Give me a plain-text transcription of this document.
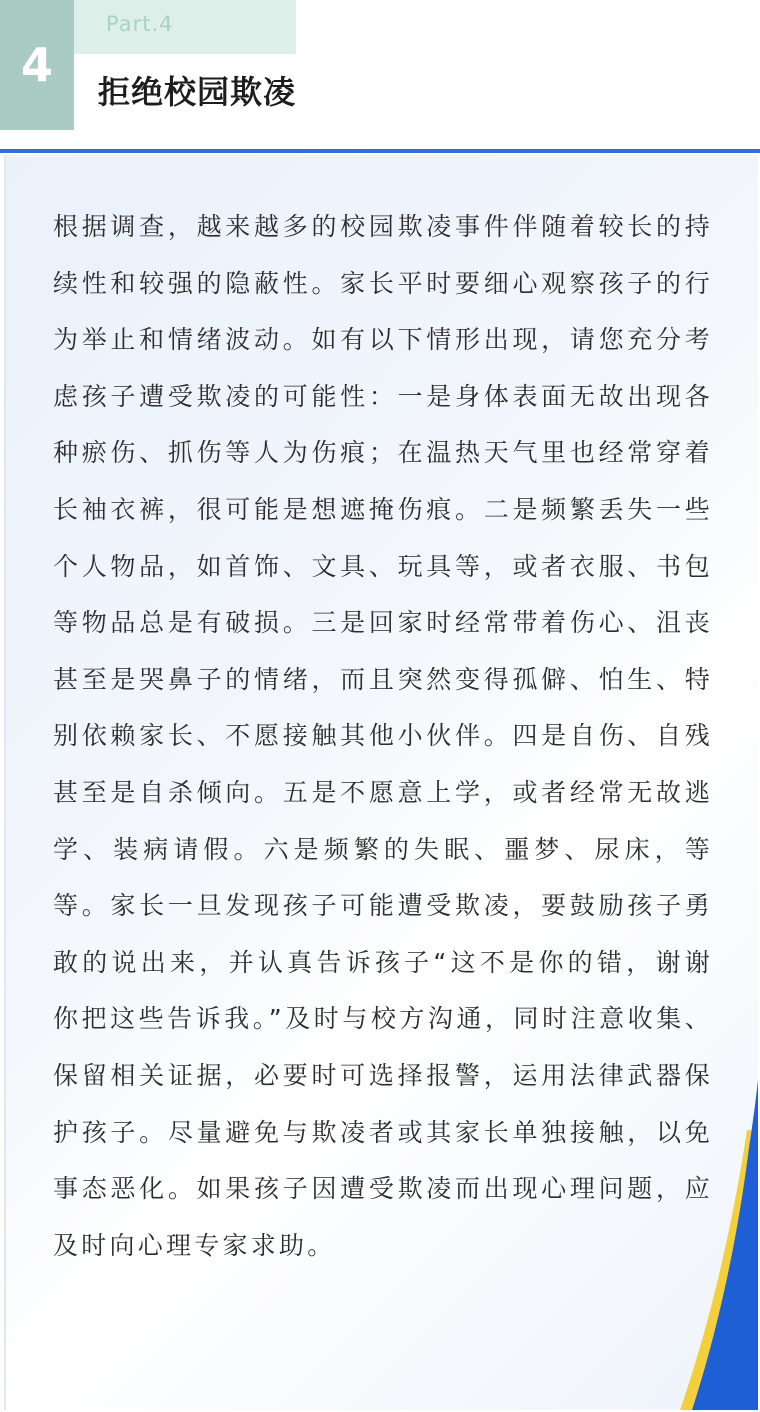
Part.4
4 拒绝校园欺凌

根据调查，越来越多的校园欺凌事件伴随着较长的持续性和较强的隐蔽性。家长平时要细心观察孩子的行为举止和情绪波动。如有以下情形出现，请您充分考虑孩子遭受欺凌的可能性：一是身体表面无故出现各种瘀伤、抓伤等人为伤痕；在温热天气里也经常穿着长袖衣裤，很可能是想遮掩伤痕。二是频繁丢失一些个人物品，如首饰、文具、玩具等，或者衣服、书包等物品总是有破损。三是回家时经常带着伤心、沮丧甚至是哭鼻子的情绪，而且突然变得孤僻、怕生、特别依赖家长、不愿接触其他小伙伴。四是自伤、自残甚至是自杀倾向。五是不愿意上学，或者经常无故逃学、装病请假。六是频繁的失眠、噩梦、尿床，等等。家长一旦发现孩子可能遭受欺凌，要鼓励孩子勇敢的说出来，并认真告诉孩子“这不是你的错，谢谢你把这些告诉我。”及时与校方沟通，同时注意收集、保留相关证据，必要时可选择报警，运用法律武器保护孩子。尽量避免与欺凌者或其家长单独接触，以免事态恶化。如果孩子因遭受欺凌而出现心理问题，应及时向心理专家求助。
